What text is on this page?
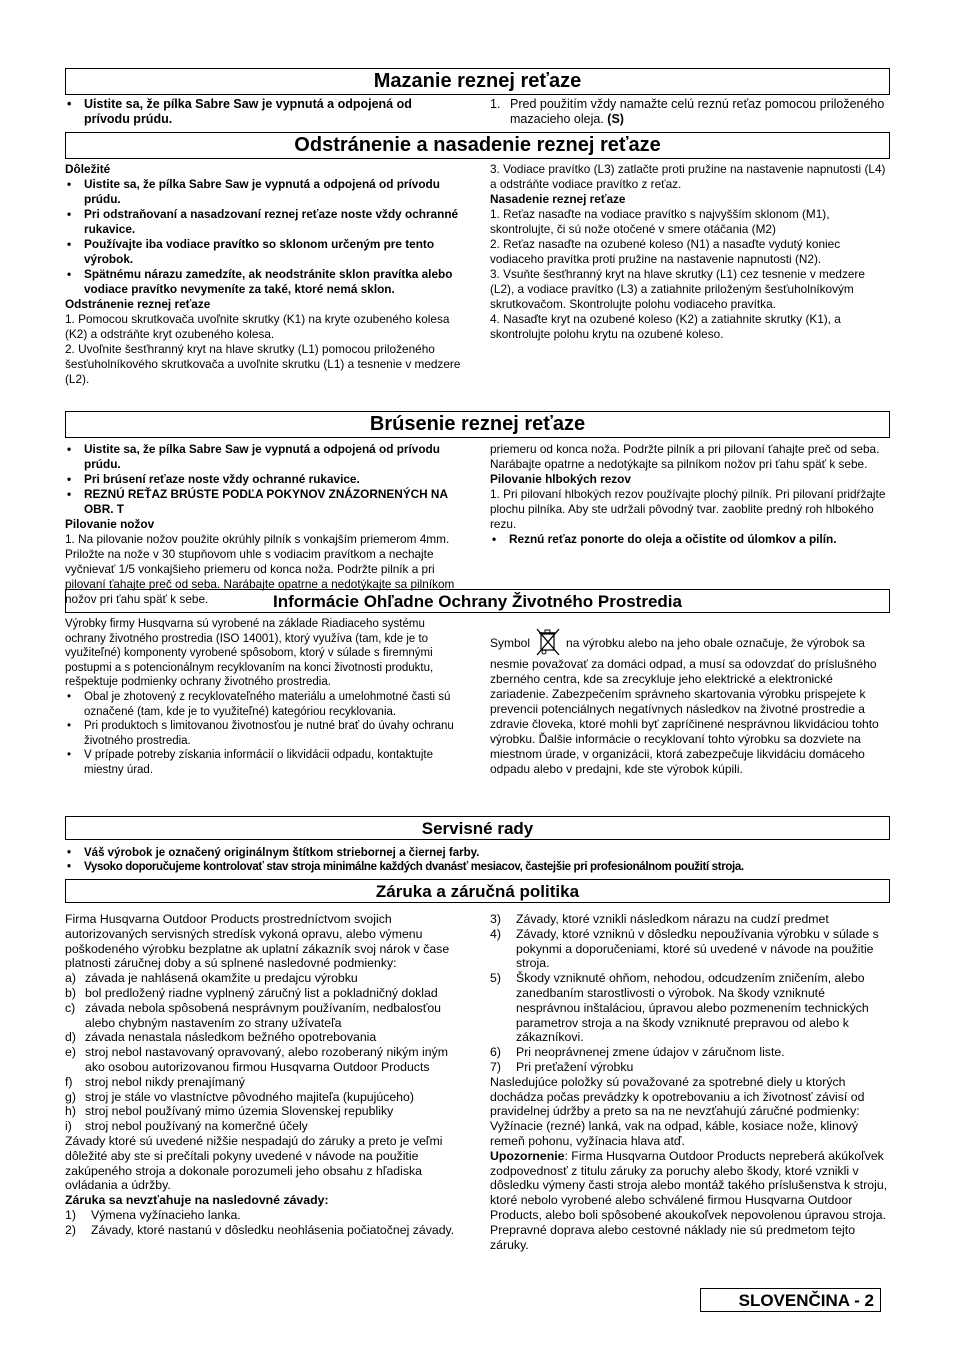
Mazanie reznej reťaze
• Uistite sa, že pílka Sabre Saw je vypnutá a odpojená od prívodu prúdu.
1. Pred použitím vždy namažte celú reznú reťaz pomocou priloženého mazacieho oleja. (S)
Odstránenie a nasadenie reznej reťaze

Dôležité

• Uistite sa, že pílka Sabre Saw je vypnutá a odpojená od prívodu prúdu.
• Pri odstraňovaní a nasadzovaní reznej reťaze noste vždy ochranné rukavice.
• Používajte iba vodiace pravítko so sklonom určeným pre tento výrobok.
• Spätnému nárazu zamedzíte, ak neodstránite sklon pravítka alebo vodiace pravítko nevymeníte za také, ktoré nemá sklon.

Odstránenie reznej reťaze

1. Pomocou skrutkovača uvoľnite skrutky (K1) na kryte ozubeného kolesa (K2) a odstráňte kryt ozubeného kolesa.

2. Uvoľnite šesťhranný kryt na hlave skrutky (L1) pomocou priloženého šesťuholníkového skrutkovača a uvoľnite skrutku (L1) a tesnenie v medzere (L2).

3. Vodiace pravítko (L3) zatlačte proti pružine na nastavenie napnutosti (L4) a odstráňte vodiace pravítko z reťaz.

Nasadenie reznej reťaze

1. Reťaz nasaďte na vodiace pravítko s najvyšším sklonom (M1), skontrolujte, či sú nože otočené v smere otáčania (M2)

2. Reťaz nasaďte na ozubené koleso (N1) a nasaďte vydutý koniec vodiaceho pravítka proti pružine na nastavenie napnutosti (N2).

3. Vsuňte šesťhranný kryt na hlave skrutky (L1) cez tesnenie v medzere (L2), a vodiace pravítko (L3) a zatiahnite priloženým šesťuholníkovým skrutkovačom. Skontrolujte polohu vodiaceho pravítka.

4. Nasaďte kryt na ozubené koleso (K2) a zatiahnite skrutky (K1), a skontrolujte polohu krytu na ozubené koleso.

Brúsenie reznej reťaze
• Uistite sa, že pílka Sabre Saw je vypnutá a odpojená od prívodu prúdu.
• Pri brúsení reťaze noste vždy ochranné rukavice.
• REZNÚ REŤAZ BRÚSTE PODĽA POKYNOV ZNÁZORNENÝCH NA OBR. T

Pilovanie nožov

1. Na pilovanie nožov použite okrúhly pilník s vonkajším priemerom 4mm. Priložte na nože v 30 stupňovom uhle s vodiacim pravítkom a nechajte vyčnievať 1/5 vonkajšieho priemeru od konca noža. Podržte pilník a pri pilovaní ťahajte preč od seba. Narábajte opatrne a nedotýkajte sa pilníkom nožov pri ťahu späť k sebe.

priemeru od konca noža. Podržte pilník a pri pilovaní ťahajte preč od seba. Narábajte opatrne a nedotýkajte sa pilníkom nožov pri ťahu späť k sebe.

Pilovanie hlbokých rezov

1. Pri pilovaní hlbokých rezov používajte plochý pilník. Pri pilovaní pridŕžajte plochu pilníka. Aby ste udržali pôvodný tvar. zaoblite predný roh hlbokého rezu.

• Reznú reťaz ponorte do oleja a očistite od úlomkov a pilín.
Informácie Ohľadne Ochrany Životného Prostredia

Výrobky firmy Husqvarna sú vyrobené na základe Riadiaceho systému ochrany životného prostredia (ISO 14001), ktorý využíva (tam, kde je to využiteľné) komponenty vyrobené spôsobom, ktorý v súlade s firemnými postupmi a s potencionálnym recyklovaním na konci životnosti produktu, rešpektuje podmienky ochrany životného prostredia.

• Obal je zhotovený z recyklovateľného materiálu a umelohmotné časti sú označené (tam, kde je to využiteľné) kategóriou recyklovania.
• Pri produktoch s limitovanou životnosťou je nutné brať do úvahy ochranu životného prostredia.
• V prípade potreby získania informácií o likvidácii odpadu, kontaktujte miestny úrad.

Symbol	na výrobku alebo na jeho obale označuje, že výrobok sa nesmie považovať za domáci odpad, a musí sa odovzdať do príslušného zberného centra, kde sa zrecykluje jeho elektrické a elektronické zariadenie. Zabezpečením správneho skartovania výrobku prispejete k prevencii potenciálnych negatívnych následkov na životné prostredie a zdravie človeka, ktoré mohli byť zapríčinené nesprávnou likvidáciou tohto výrobku. Ďalšie informácie o recyklovaní tohto výrobku sa dozviete na miestnom úrade, v organizácii, ktorá zabezpečuje likvidáciu domáceho odpadu alebo v predajni, kde ste výrobok kúpili.

Servisné rady
• Váš výrobok je označený originálnym štítkom striebornej a čiernej farby.
• Vysoko doporučujeme kontrolovať stav stroja minimálne každých dvanásť mesiacov, častejšie pri profesionálnom použití stroja.
Záruka a záručná politika

Firma Husqvarna Outdoor Products prostredníctvom svojich autorizovaných servisných stredísk vykoná opravu, alebo výmenu poškodeného výrobku bezplatne ak uplatní zákazník svoj nárok v čase platnosti záručnej doby a sú splnené nasledovné podmienky:

a) závada je nahlásená okamžite u predajcu výrobku
b) bol predložený riadne vyplnený záručný list a pokladničný doklad
c) závada nebola spôsobená nesprávnym používaním, nedbalosťou alebo chybným nastavením zo strany užívateľa
d) závada nenastala následkom bežného opotrebovania
e) stroj nebol nastavovaný opravovaný, alebo rozoberaný nikým iným ako osobou autorizovanou firmou Husqvarna Outdoor Products
f) stroj nebol nikdy prenajímaný
g) stroj je stále vo vlastníctve pôvodného majiteľa (kupujúceho)
h) stroj nebol používaný mimo územia Slovenskej republiky
i) stroj nebol používaný na komerčné účely

Závady ktoré sú uvedené nižšie nespadajú do záruky a preto je veľmi dôležité aby ste si prečítali pokyny uvedené v návode na použitie zakúpeného stroja a dokonale porozumeli jeho obsahu z hľadiska ovládania a údržby.

Záruka sa nevzťahuje na nasledovné závady:

1) Výmena vyžínacieho lanka.
2) Závady, ktoré nastanú v dôsledku neohlásenia počiatočnej závady.
3) Závady, ktoré vznikli následkom nárazu na cudzí predmet
4) Závady, ktoré vzniknú v dôsledku nepoužívania výrobku v súlade s pokynmi a doporučeniami, ktoré sú uvedené v návode na použitie stroja.
5) Škody vzniknuté ohňom, nehodou, odcudzením zničením, alebo zanedbaním starostlivosti o výrobok. Na škody vzniknuté nesprávnou inštaláciou, úpravou alebo pozmenením technických parametrov stroja a na škody vzniknuté prepravou od alebo k zákazníkovi.
6) Pri neoprávnenej zmene údajov v záručnom liste.
7) Pri preťažení výrobku

Nasledujúce položky sú považované za spotrebné diely u ktorých dochádza počas prevádzky k opotrebovaniu a ich životnosť závisí od pravidelnej údržby a preto sa na ne nevzťahujú záručné podmienky:

Vyžínacie (rezné) lanká, vak na odpad, káble, kosiace nože, klinový remeň pohonu, vyžínacia hlava atď.

Upozornenie: Firma Husqvarna Outdoor Products nepreberá akúkoľvek zodpovednosť z titulu záruky za poruchy alebo škody, ktoré vznikli v dôsledku výmeny časti stroja alebo montáž takého príslušenstva k stroju, ktoré nebolo vyrobené alebo schválené firmou Husqvarna Outdoor Products, alebo boli spôsobené akoukoľvek nepovolenou úpravou stroja. Prepravné doprava alebo cestovné náklady nie sú predmetom tejto záruky.

SLOVENČINA - 2
